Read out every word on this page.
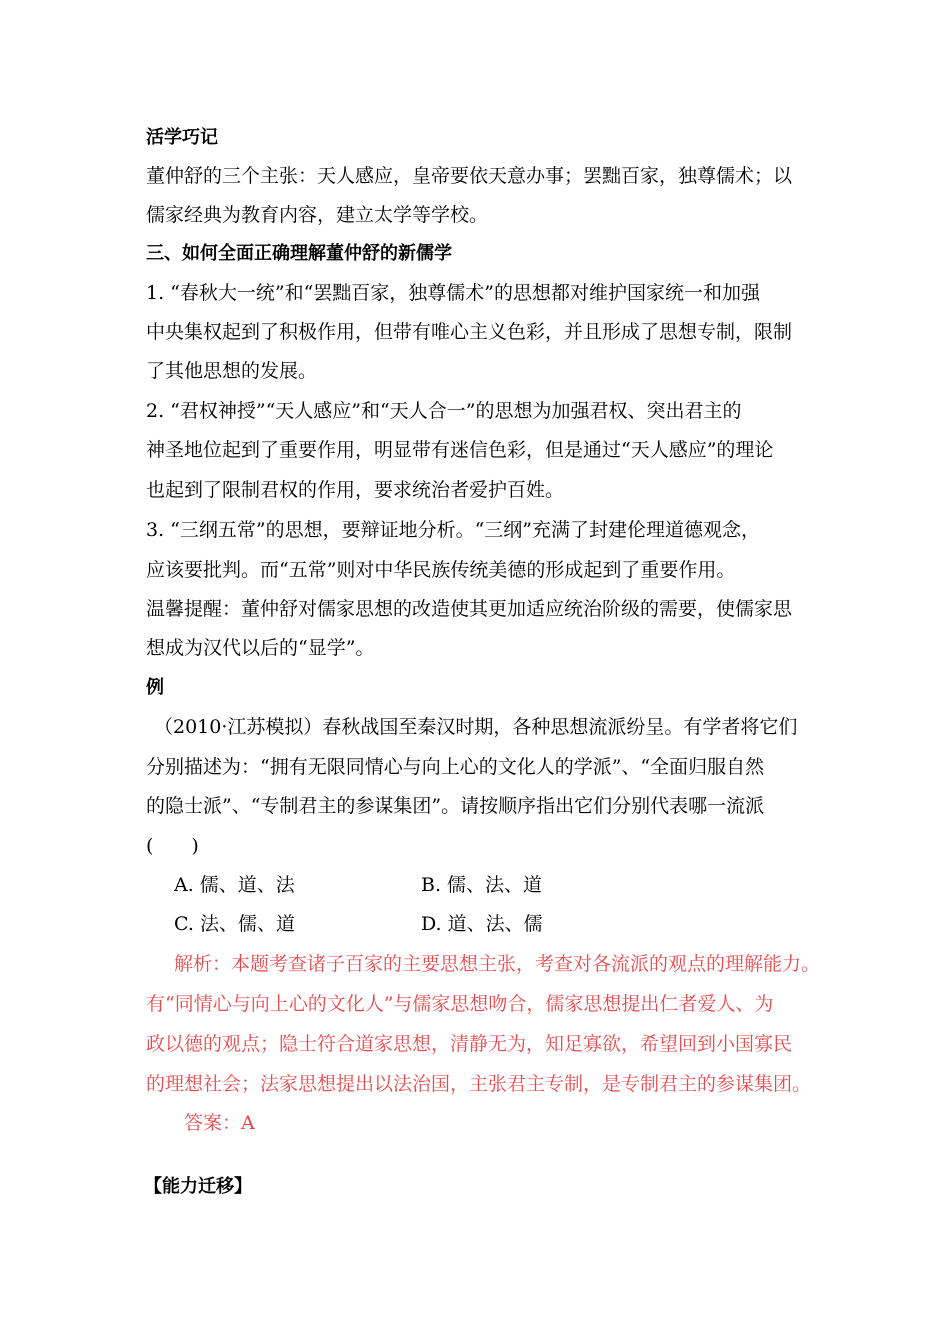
活学巧记
董仲舒的三个主张：天人感应，皇帝要依天意办事；罢黜百家，独尊儒术；以
儒家经典为教育内容，建立太学等学校。
三、如何全面正确理解董仲舒的新儒学
1. “春秋大一统”和“罢黜百家，独尊儒术”的思想都对维护国家统一和加强
中央集权起到了积极作用，但带有唯心主义色彩，并且形成了思想专制，限制
了其他思想的发展。
2. “君权神授”“天人感应”和“天人合一”的思想为加强君权、突出君主的
神圣地位起到了重要作用，明显带有迷信色彩，但是通过“天人感应”的理论
也起到了限制君权的作用，要求统治者爱护百姓。
3. “三纲五常”的思想，要辩证地分析。“三纲”充满了封建伦理道德观念，
应该要批判。而“五常”则对中华民族传统美德的形成起到了重要作用。
温馨提醒：董仲舒对儒家思想的改造使其更加适应统治阶级的需要，使儒家思
想成为汉代以后的“显学”。
例
（2010·江苏模拟）春秋战国至秦汉时期，各种思想流派纷呈。有学者将它们
分别描述为：“拥有无限同情心与向上心的文化人的学派”、“全面归服自然
的隐士派”、“专制君主的参谋集团”。请按顺序指出它们分别代表哪一流派
(　　)
A. 儒、道、法	B. 儒、法、道
C. 法、儒、道	D. 道、法、儒
解析：本题考查诸子百家的主要思想主张，考查对各流派的观点的理解能力。
有“同情心与向上心的文化人”与儒家思想吻合，儒家思想提出仁者爱人、为
政以德的观点；隐士符合道家思想，清静无为，知足寡欲，希望回到小国寡民
的理想社会；法家思想提出以法治国，主张君主专制，是专制君主的参谋集团。
答案：A
【能力迁移】
